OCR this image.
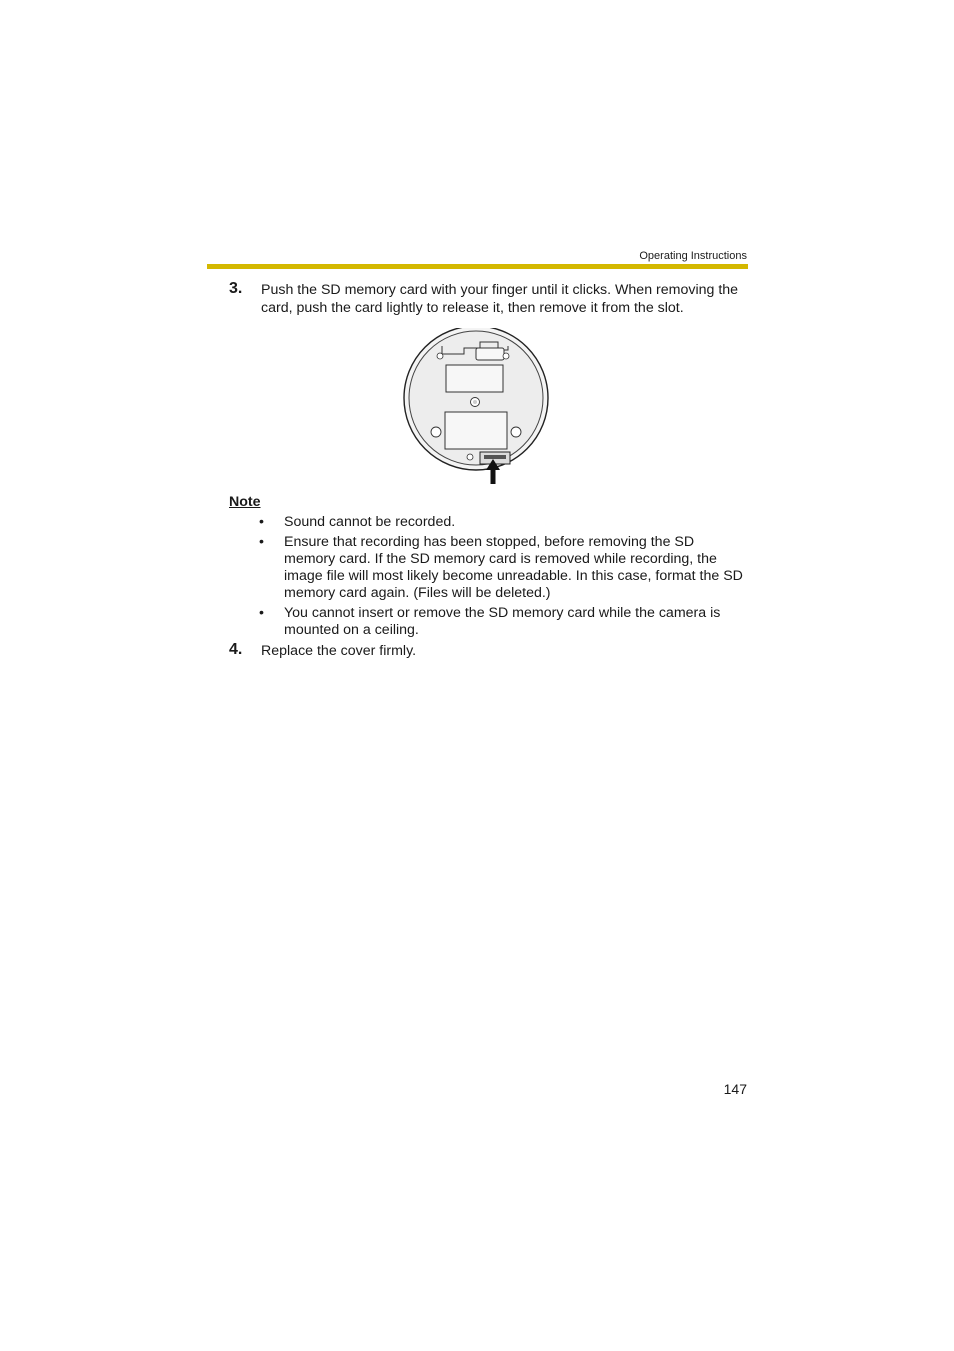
Operating Instructions
3. Push the SD memory card with your finger until it clicks. When removing the card, push the card lightly to release it, then remove it from the slot.
Note
• Sound cannot be recorded.
• Ensure that recording has been stopped, before removing the SD memory card. If the SD memory card is removed while recording, the image file will most likely become unreadable. In this case, format the SD memory card again. (Files will be deleted.)
• You cannot insert or remove the SD memory card while the camera is mounted on a ceiling.
4. Replace the cover firmly.
147
